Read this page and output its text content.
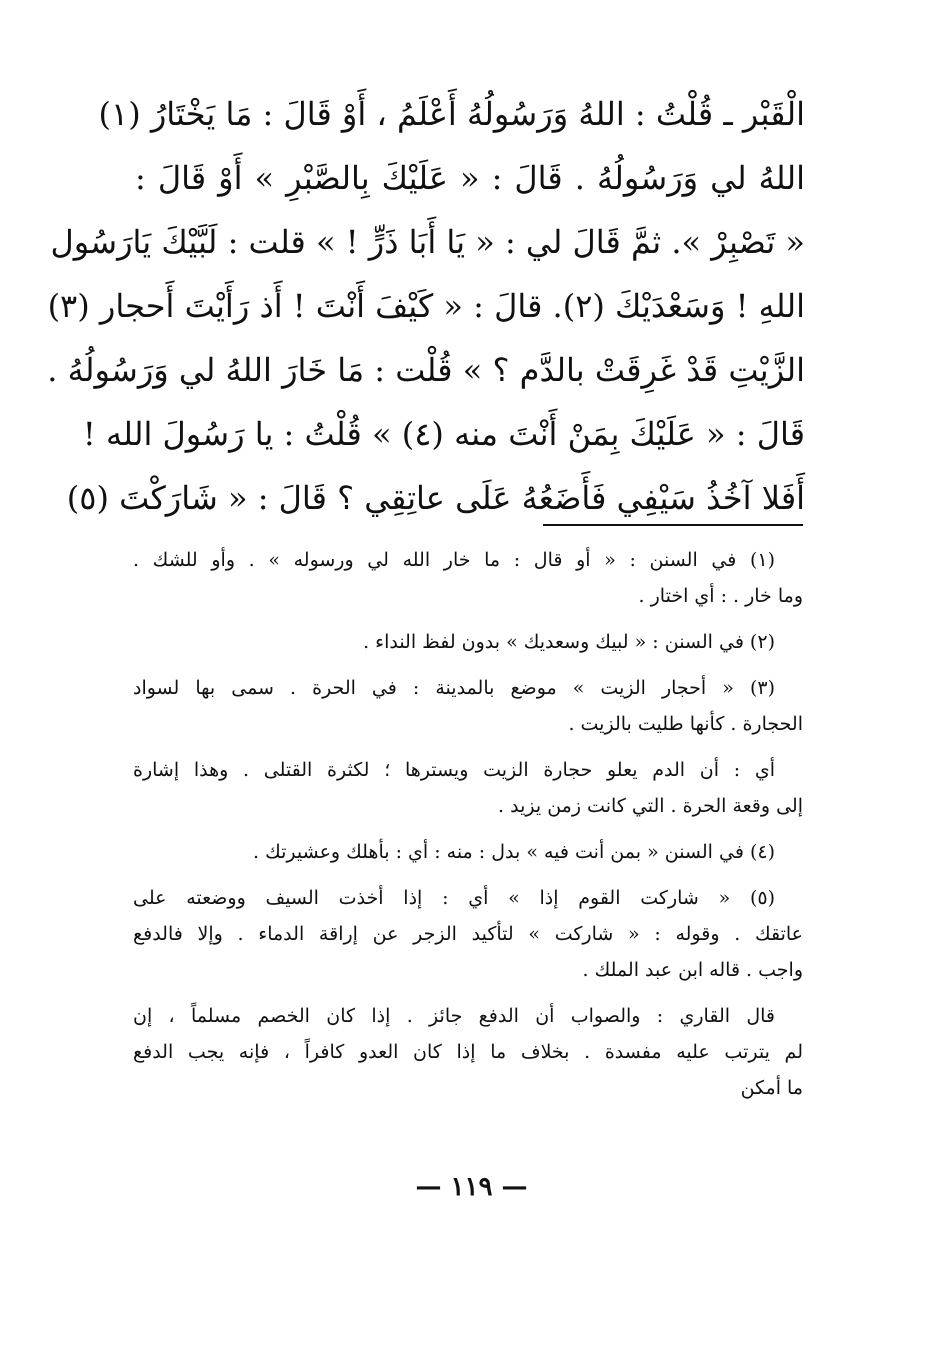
الْقَبْر ـ قُلْتُ : اللهُ وَرَسُولُهُ أَعْلَمُ ، أَوْ قَالَ : مَا يَخْتَارُ (١)
اللهُ لي وَرَسُولُهُ . قَالَ : « عَلَيْكَ بِالصَّبْرِ » أَوْ قَالَ :
« تَصْبِرْ ». ثمَّ قَالَ لي : « يَا أَبَا ذَرٍّ ! » قلت : لَبَّيْكَ يَارَسُول
اللهِ ! وَسَعْدَيْكَ (٢). قالَ : « كَيْفَ أَنْتَ ! أَذ رَأَيْتَ أَحجار (٣)
الزَّيْتِ قَدْ غَرِقَتْ بالدَّم ؟ » قُلْت : مَا خَارَ اللهُ لي وَرَسُولُهُ .
قَالَ : « عَلَيْكَ بِمَنْ أَنْتَ منه (٤) » قُلْتُ : يا رَسُولَ الله !
أَفَلا آخُذُ سَيْفِي فَأَضَعُهُ عَلَى عاتِقِي ؟ قَالَ : « شَارَكْتَ (٥)
(١) في السنن : « أو قال : ما خار الله لي ورسوله » . وأو للشك .
وما خار . : أي اختار .
(٢) في السنن : « لبيك وسعديك » بدون لفظ النداء .
(٣) « أحجار الزيت » موضع بالمدينة : في الحرة . سمى بها لسواد
الحجارة . كأنها طليت بالزيت .
أي : أن الدم يعلو حجارة الزيت ويسترها ؛ لكثرة القتلى . وهذا إشارة
إلى وقعة الحرة . التي كانت زمن يزيد .
(٤) في السنن « بمن أنت فيه » بدل : منه : أي : بأهلك وعشيرتك .
(٥) « شاركت القوم إذا » أي : إذا أخذت السيف ووضعته على
عاتقك . وقوله : « شاركت » لتأكيد الزجر عن إراقة الدماء . وإلا فالدفع
واجب . قاله ابن عبد الملك .
قال القاري : والصواب أن الدفع جائز . إذا كان الخصم مسلماً ، إن
لم يترتب عليه مفسدة . بخلاف ما إذا كان العدو كافراً ، فإنه يجب الدفع
ما أمكن
— ١١٩ —
